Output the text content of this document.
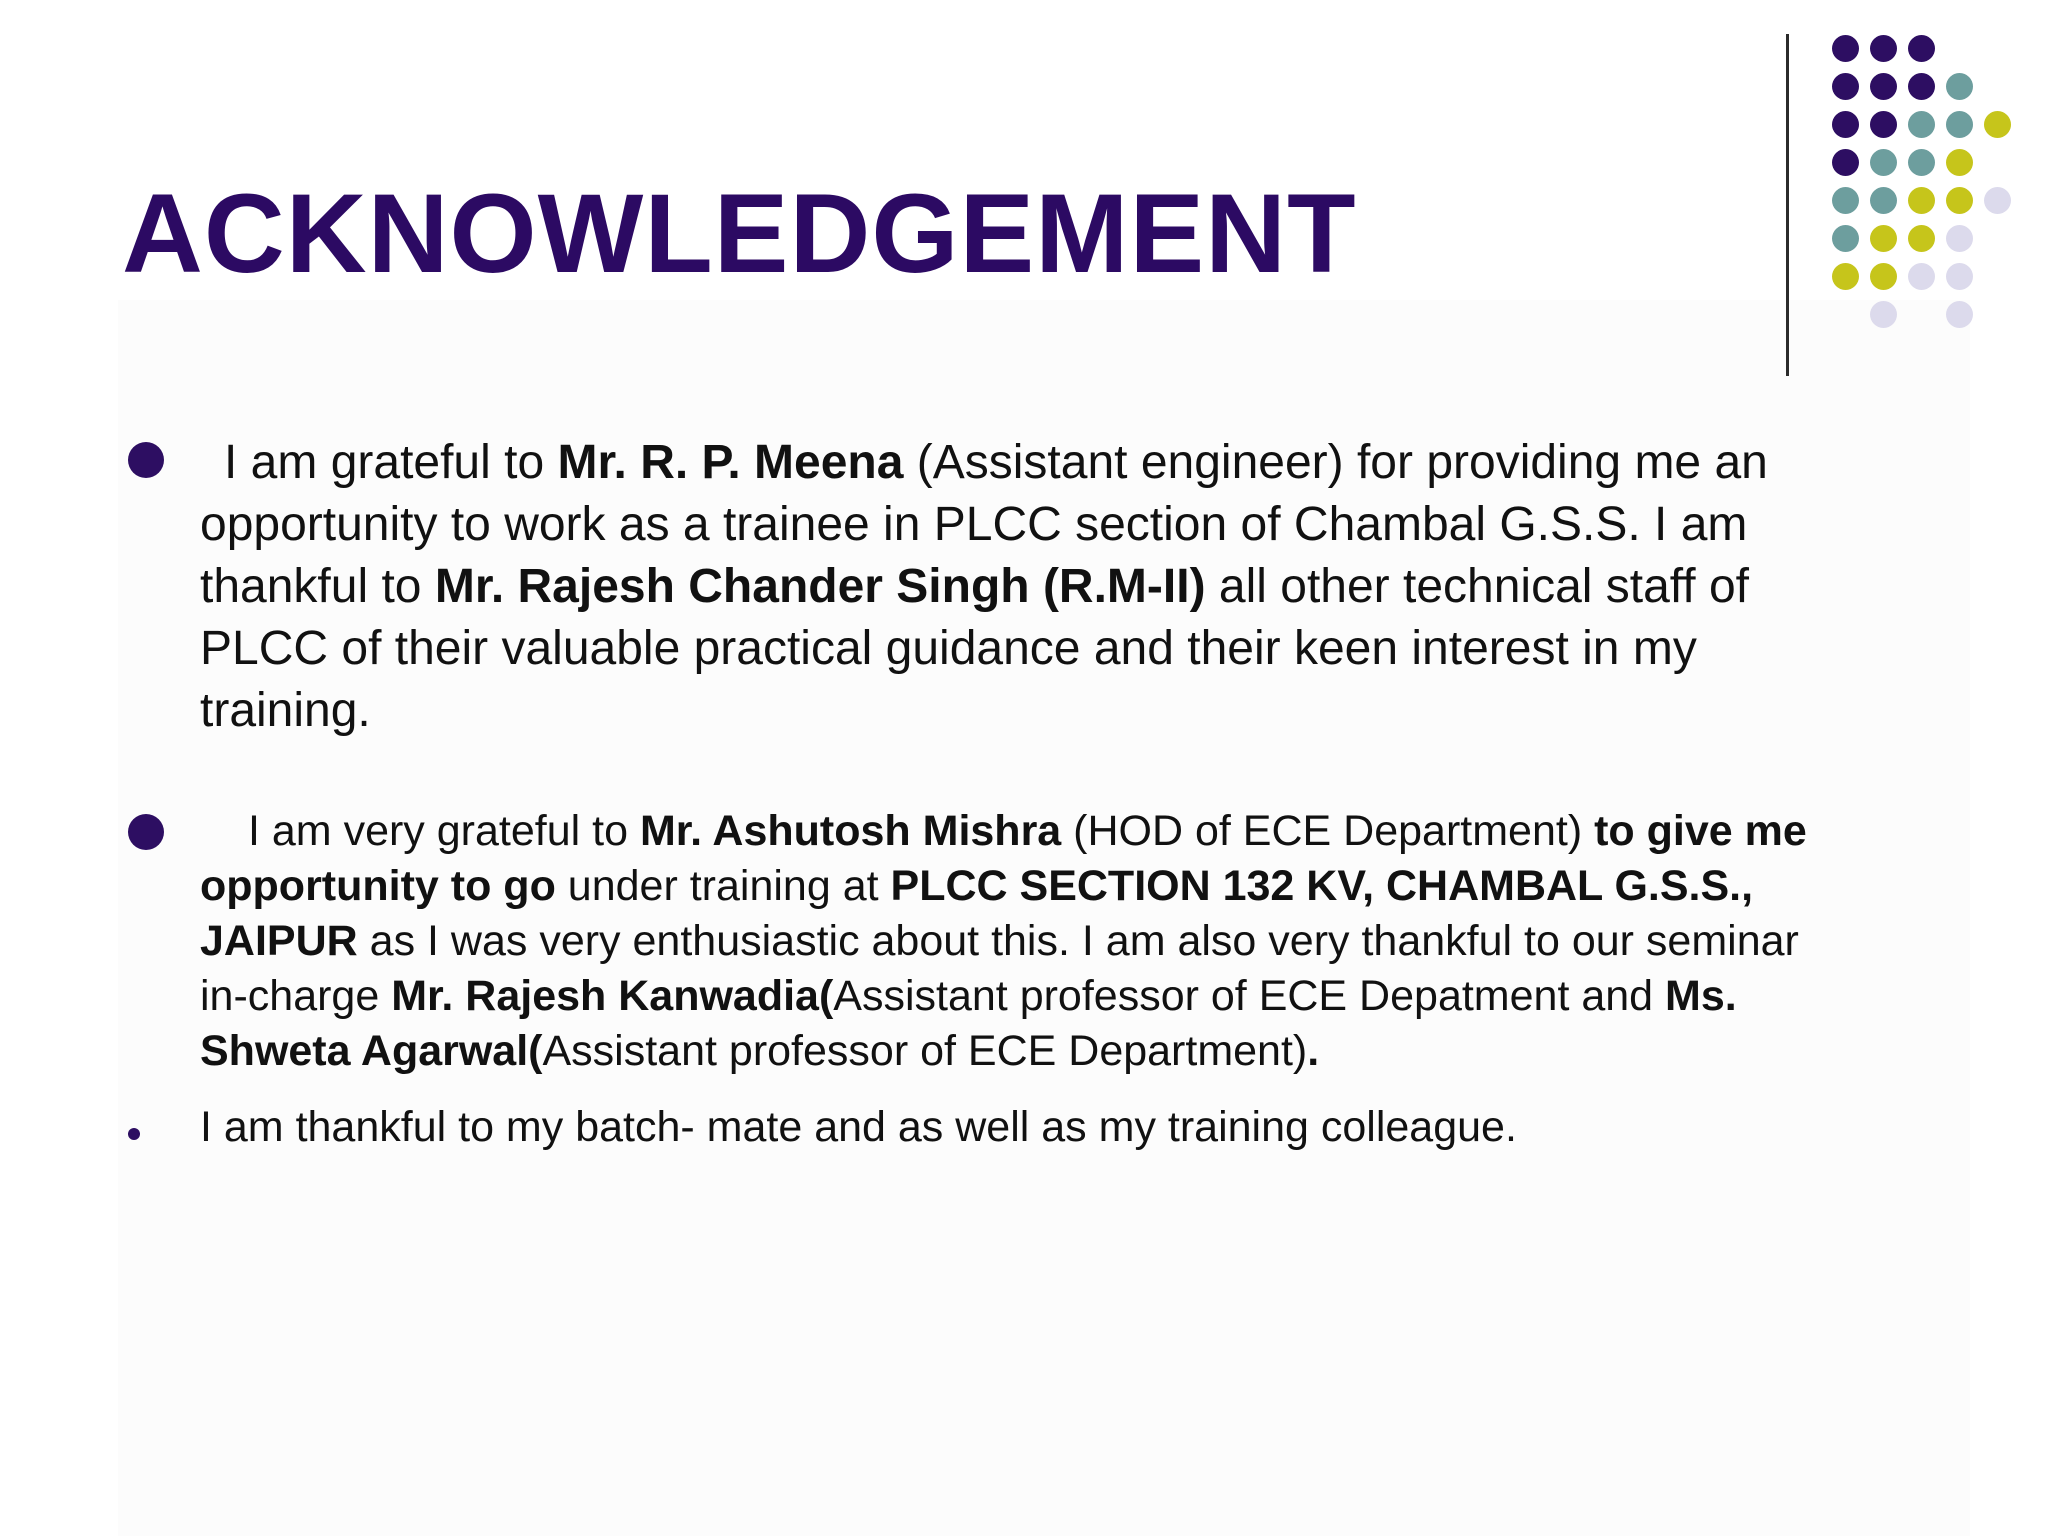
ACKNOWLEDGEMENT
I am grateful to Mr. R. P. Meena (Assistant engineer) for providing me an
opportunity to work as a trainee in PLCC section of Chambal G.S.S. I am
thankful to Mr. Rajesh Chander Singh (R.M-II) all other technical staff of
PLCC of their valuable practical guidance and their keen interest in my
training.
I am very grateful to Mr. Ashutosh Mishra (HOD of ECE Department) to give me
opportunity to go under training at PLCC SECTION 132 KV, CHAMBAL G.S.S.,
JAIPUR as I was very enthusiastic about this. I am also very thankful to our seminar
in-charge Mr. Rajesh Kanwadia(Assistant professor of ECE Depatment and Ms.
Shweta Agarwal(Assistant professor of ECE Department).
I am thankful to my batch- mate and as well as my training colleague.
